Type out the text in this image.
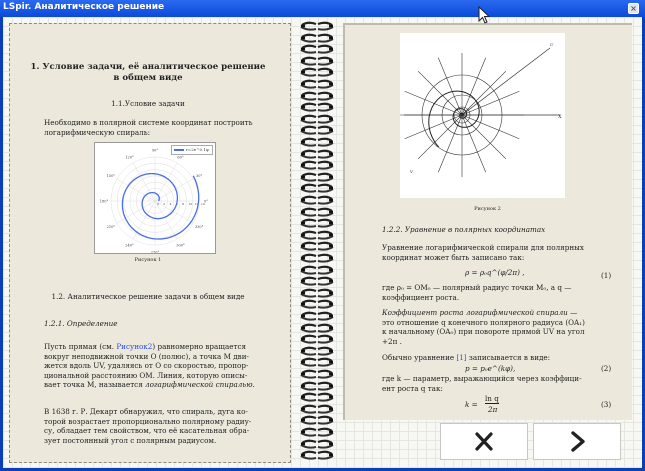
LSpir. Аналитическое решение	×
1. Условие задачи, её аналитическое решение
в общем виде
1.1.Условие задачи
Необходимо в полярной системе координат построить
логарифмическую спираль:
0°
30°
60°
90°
120°
150°
180°
210°
240°
270°
300°
330°
0 2 4 6 8 10 12 14
r=2e^0.1φ
Рисунок 1
1.2. Аналитическое решение задачи в общем виде
1.2.1. Определение
Пусть прямая (см. Рисунок2) равномерно вращается
вокруг неподвижной точки O (полюс), а точка M дви-
жется вдоль UV, удаляясь от O со скоростью, пропор-
циональной расстоянию OM. Линия, которую описы-
вает точка M, называется логарифмической спиралью.
В 1638 г. Р. Декарт обнаружил, что спираль, дуга ко-
торой возрастает пропорционально полярному радиу-
су, обладает тем свойством, что её касательная обра-
зует постоянный угол с полярным радиусом.
X
U
V
Рисунок 2
1.2.2. Уравнение в полярных координатах
Уравнение логарифмической спирали для полярных
координат может быть записано так:
ρ = ρ₀q^(φ/2π) ,	(1)
где ρ₀ = OM₀ — полярный радиус точки M₀, а q —
коэффициент роста.
Коэффициент роста логарифмической спирали —
это отношение q конечного полярного радиуса (OA₁)
к начальному (OA₀) при повороте прямой UV на угол
+2π .
Обычно уравнение [1] записывается в виде:
p = p₀e^(kφ),	(2)
где k — параметр, выражающийся через коэффици-
ент роста q так:
k =
ln q
2π
(3)
